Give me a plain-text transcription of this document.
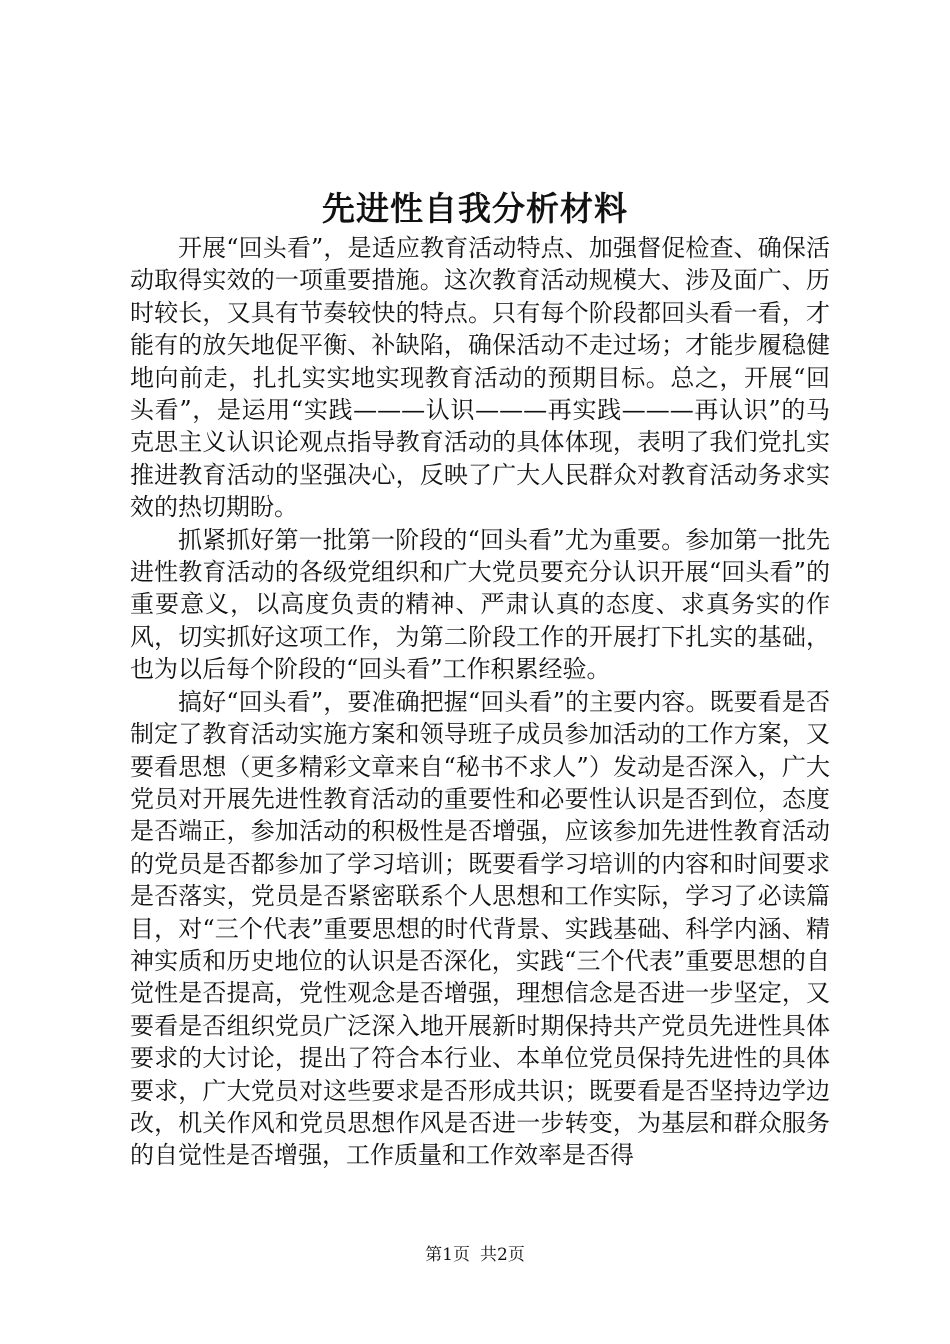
先进性自我分析材料

开展“回头看”，是适应教育活动特点、加强督促检查、确保活动取得实效的一项重要措施。这次教育活动规模大、涉及面广、历时较长，又具有节奏较快的特点。只有每个阶段都回头看一看，才能有的放矢地促平衡、补缺陷，确保活动不走过场；才能步履稳健地向前走，扎扎实实地实现教育活动的预期目标。总之，开展“回头看”，是运用“实践———认识———再实践———再认识”的马克思主义认识论观点指导教育活动的具体体现，表明了我们党扎实推进教育活动的坚强决心，反映了广大人民群众对教育活动务求实效的热切期盼。

抓紧抓好第一批第一阶段的“回头看”尤为重要。参加第一批先进性教育活动的各级党组织和广大党员要充分认识开展“回头看”的重要意义，以高度负责的精神、严肃认真的态度、求真务实的作风，切实抓好这项工作，为第二阶段工作的开展打下扎实的基础，也为以后每个阶段的“回头看”工作积累经验。

搞好“回头看”，要准确把握“回头看”的主要内容。既要看是否制定了教育活动实施方案和领导班子成员参加活动的工作方案，又要看思想（更多精彩文章来自“秘书不求人”）发动是否深入，广大党员对开展先进性教育活动的重要性和必要性认识是否到位，态度是否端正，参加活动的积极性是否增强，应该参加先进性教育活动的党员是否都参加了学习培训；既要看学习培训的内容和时间要求是否落实，党员是否紧密联系个人思想和工作实际，学习了必读篇目，对“三个代表”重要思想的时代背景、实践基础、科学内涵、精神实质和历史地位的认识是否深化，实践“三个代表”重要思想的自觉性是否提高，党性观念是否增强，理想信念是否进一步坚定，又要看是否组织党员广泛深入地开展新时期保持共产党员先进性具体要求的大讨论，提出了符合本行业、本单位党员保持先进性的具体要求，广大党员对这些要求是否形成共识；既要看是否坚持边学边改，机关作风和党员思想作风是否进一步转变，为基层和群众服务的自觉性是否增强，工作质量和工作效率是否得

第1页 共2页
